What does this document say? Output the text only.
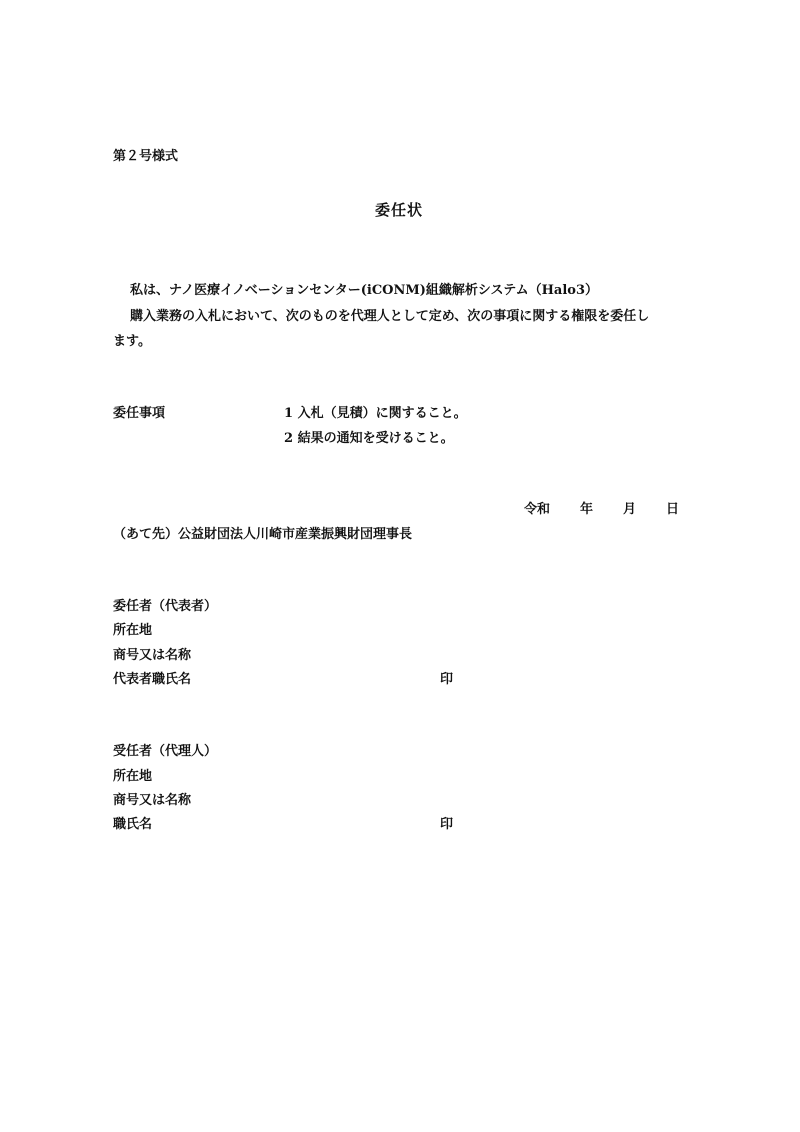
第２号様式
委任状
私は、ナノ医療イノベーションセンター(iCONM)組織解析システム（Halo3）
購入業務の入札において、次のものを代理人として定め、次の事項に関する権限を委任し
ます。
委任事項	1 入札（見積）に関すること。
2 結果の通知を受けること。
令和 年 月 日
（あて先）公益財団法人川崎市産業振興財団理事長
委任者（代表者）
所在地
商号又は名称
代表者職氏名	印
受任者（代理人）
所在地
商号又は名称
職氏名	印
